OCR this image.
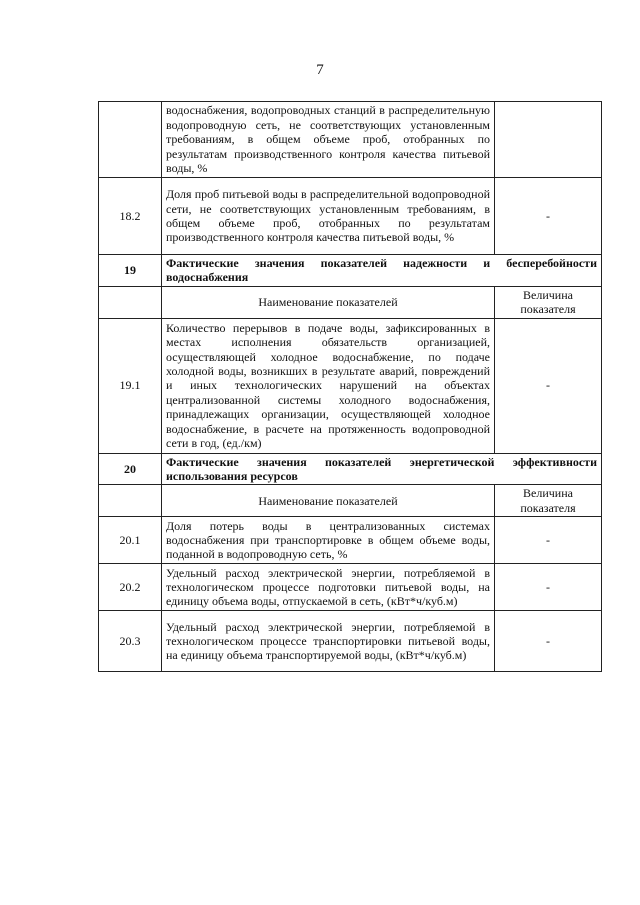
7
	водоснабжения, водопроводных станций в распределительную водопроводную сеть, не соответствующих установленным требованиям, в общем объеме проб, отобранных по результатам производственного контроля качества питьевой воды, %	
18.2	Доля проб питьевой воды в распределительной водопроводной сети, не соответствующих установленным требованиям, в общем объеме проб, отобранных по результатам производственного контроля качества питьевой воды, %	-
19	Фактические значения показателей надежности и бесперебойности водоснабжения	
	Наименование показателей	Величина показателя
19.1	Количество перерывов в подаче воды, зафиксированных в местах исполнения обязательств организацией, осуществляющей холодное водоснабжение, по подаче холодной воды, возникших в результате аварий, повреждений и иных технологических нарушений на объектах централизованной системы холодного водоснабжения, принадлежащих организации, осуществляющей холодное водоснабжение, в расчете на протяженность водопроводной сети в год, (ед./км)	-
20	Фактические значения показателей энергетической эффективности использования ресурсов	
	Наименование показателей	Величина показателя
20.1	Доля потерь воды в централизованных системах водоснабжения при транспортировке в общем объеме воды, поданной в водопроводную сеть, %	-
20.2	Удельный расход электрической энергии, потребляемой в технологическом процессе подготовки питьевой воды, на единицу объема воды, отпускаемой в сеть, (кВт*ч/куб.м)	-
20.3	Удельный расход электрической энергии, потребляемой в технологическом процессе транспортировки питьевой воды, на единицу объема транспортируемой воды, (кВт*ч/куб.м)	-
